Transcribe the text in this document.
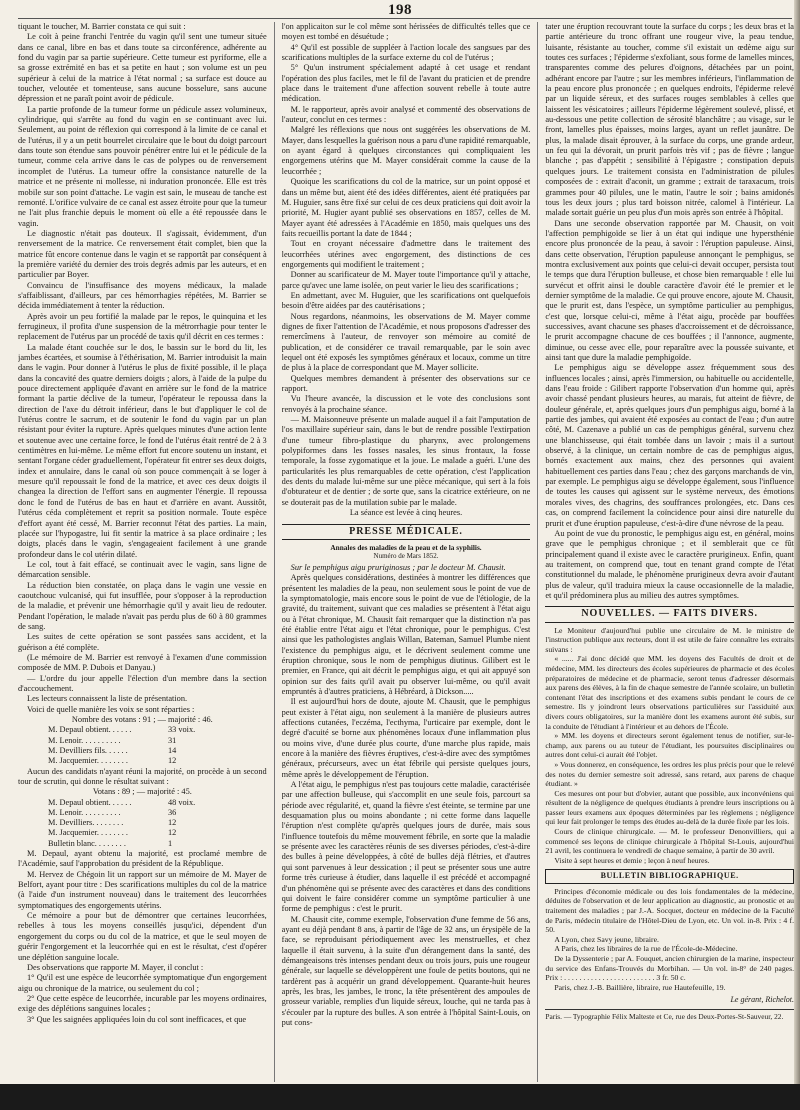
198

tiquant le toucher, M. Barrier constata ce qui suit :

Le coït à peine franchi l'entrée du vagin qu'il sent une tumeur située dans ce canal, libre en bas et dans toute sa circonférence, adhérente au fond du vagin par sa partie supérieure. Cette tumeur est pyriforme, elle a sa grosse extrémité en bas et sa petite en haut ; son volume est un peu supérieur à celui de la matrice à l'état normal ; sa surface est douce au toucher, veloutée et tomenteuse, sans aucune bosselure, sans aucune dépression et ne paraît point avoir de pédicule.

La partie profonde de la tumeur forme un pédicule assez volumineux, cylindrique, qui s'arrête au fond du vagin en se continuant avec lui. Seulement, au point de réflexion qui correspond à la limite de ce canal et de l'utérus, il y a un petit bourrelet circulaire que le bout du doigt parcourt dans toute son étendue sans pouvoir pénétrer entre lui et le pédicule de la tumeur, comme cela arrive dans le cas de polypes ou de renversement incomplet de l'utérus. La tumeur offre la consistance naturelle de la matrice et ne présente ni mollesse, ni induration prononcée. Elle est très mobile sur son point d'attache. Le vagin est sain, le museau de tanche est remonté. L'orifice vulvaire de ce canal est assez étroite pour que la tumeur ne l'ait plus franchie depuis le moment où elle a été repoussée dans le vagin.

Le diagnostic n'était pas douteux. Il s'agissait, évidemment, d'un renversement de la matrice. Ce renversement était complet, bien que la matrice fût encore contenue dans le vagin et se rapportât par conséquent à la première variété du dernier des trois degrés admis par les auteurs, et en particulier par Boyer.

Convaincu de l'insuffisance des moyens médicaux, la malade s'affaiblissant, d'ailleurs, par ces hémorrhagies répétées, M. Barrier se décida immédiatement à tenter la réduction.

Après avoir un peu fortifié la malade par le repos, le quinquina et les ferrugineux, il profita d'une suspension de la métrorrhagie pour tenter le replacement de l'utérus par un procédé de taxis qu'il décrit en ces termes :

La malade étant couchée sur le dos, le bassin sur le bord du lit, les jambes écartées, et soumise à l'éthérisation, M. Barrier introduisit la main dans le vagin. Pour donner à l'utérus le plus de fixité possible, il le plaça dans la concavité des quatre derniers doigts ; alors, à l'aide de la pulpe du pouce directement appliquée d'avant en arrière sur le fond de la matrice formant la partie déclive de la tumeur, l'opérateur le repoussa dans la direction de l'axe du détroit inférieur, dans le but d'appliquer le col de l'utérus contre le sacrum, et de soutenir le fond du vagin par un plan résistant pour éviter la rupture. Après quelques minutes d'une action lente et soutenue avec une certaine force, le fond de l'utérus était rentré de 2 à 3 centimètres en lui-même. Le même effort fut encore soutenu un instant, et sentant l'organe céder graduellement, l'opérateur fit entrer ses deux doigts, index et annulaire, dans le canal où son pouce commençait à se loger à mesure qu'il repoussait le fond de la matrice, et avec ces deux doigts il changea la direction de l'effort sans en augmenter l'énergie. Il repoussa donc le fond de l'utérus de bas en haut et d'arrière en avant. Aussitôt, l'utérus céda complètement et reprit sa position normale. Toute espèce d'effort ayant été cessé, M. Barrier reconnut l'état des parties. La main, placée sur l'hypogastre, lui fit sentir la matrice à sa place ordinaire ; les doigts, placés dans le vagin, s'engageaient facilement à une grande profondeur dans le col utérin dilaté.

Le col, tout à fait effacé, se continuait avec le vagin, sans ligne de démarcation sensible.

La réduction bien constatée, on plaça dans le vagin une vessie en caoutchouc vulcanisé, qui fut insufflée, pour s'opposer à la reproduction de la maladie, et prévenir une hémorrhagie qu'il y avait lieu de redouter. Pendant l'opération, le malade n'avait pas perdu plus de 60 à 80 grammes de sang.

Les suites de cette opération se sont passées sans accident, et la guérison a été complète.

(Le mémoire de M. Barrier est renvoyé à l'examen d'une commission composée de MM. P. Dubois et Danyau.)

— L'ordre du jour appelle l'élection d'un membre dans la section d'accouchement.

Les lecteurs connaissent la liste de présentation.

Voici de quelle manière les voix se sont réparties :

Nombre des votans : 91 ; — majorité : 46.

M. Depaul obtient. . . . . .	33 voix.
M. Lenoir. . . . . . . . . .	31
M. Devilliers fils. . . . . .	14
M. Jacquemier. . . . . . . .	12

Aucun des candidats n'ayant réuni la majorité, on procède à un second tour de scrutin, qui donne le résultat suivant :

Votans : 89 ; — majorité : 45.

M. Depaul obtient. . . . . .	48 voix.
M. Lenoir. . . . . . . . . .	36
M. Devilliers. . . . . . . .	12
M. Jacquemier. . . . . . . .	12
Bulletin blanc. . . . . . . .	1

M. Depaul, ayant obtenu la majorité, est proclamé membre de l'Académie, sauf l'approbation du président de la République.

M. Hervez de Chégoin lit un rapport sur un mémoire de M. Mayer de Belfort, ayant pour titre : Des scarifications multiples du col de la matrice (à l'aide d'un instrument nouveau) dans le traitement des leucorrhées symptomatiques des engorgements utérins.

Ce mémoire a pour but de démontrer que certaines leucorrhées, rebelles à tous les moyens conseillés jusqu'ici, dépendent d'un engorgement du corps ou du col de la matrice, et que le seul moyen de guérir l'engorgement et la leucorrhée qui en est le résultat, c'est d'opérer une déplétion sanguine locale.

Des observations que rapporte M. Mayer, il conclut :

1° Qu'il est une espèce de leucorrhée symptomatique d'un engorgement aigu ou chronique de la matrice, ou seulement du col ;

2° Que cette espèce de leucorrhée, incurable par les moyens ordinaires, exige des déplétions sanguines locales ;

3° Que les saignées appliquées loin du col sont inefficaces, et que

l'on applicaiton sur le col même sont hérissées de difficultés telles que ce moyen est tombé en désuétude ;

4° Qu'il est possible de suppléer à l'action locale des sangsues par des scarifications multiples de la surface externe du col de l'utérus ;

5° Qu'un instrument spécialement adapté à cet usage et rendant l'opération des plus faciles, met le fil de l'avant du praticien et de prendre place dans le traitement d'une affection souvent rebelle à toute autre médication.

M. le rapporteur, après avoir analysé et commenté des observations de l'auteur, conclut en ces termes :

Malgré les réflexions que nous ont suggérées les observations de M. Mayer, dans lesquelles la guérison nous a paru d'une rapidité remarquable, on ayant égard à quelques circonstances qui compliquaient les engorgemens utérins que M. Mayer considérait comme la cause de la leucorrhée ;

Quoique les scarifications du col de la matrice, sur un point opposé et dans un même but, aient été des idées différentes, aient été pratiquées par M. Huguier, sans être fixé sur celui de ces deux praticiens qui doit avoir la priorité, M. Hugier ayant publié ses observations en 1857, celles de M. Mayer ayant été adressées à l'Académie en 1850, mais quelques uns des faits recueillis portant la date de 1844 ;

Tout en croyant nécessaire d'admettre dans le traitement des leucorrhées utérines avec engorgement, des distinctions de ces engorgements qui modifient le traitement ;

Donner au scarificateur de M. Mayer toute l'importance qu'il y attache, parce qu'avec une lame isolée, on peut varier le lieu des scarifications ;

En admettant, avec M. Huguier, que les scarifications ont quelquefois besoin d'être aidées par des cautérisations ;

Nous regardons, néanmoins, les observations de M. Mayer comme dignes de fixer l'attention de l'Académie, et nous proposons d'adresser des remercîmens à l'auteur, de renvoyer son mémoire au comité de publication, et de considérer ce travail remarquable, par le soin avec lequel ont été exposés les symptômes généraux et locaux, comme un titre de plus à la place de correspondant que M. Mayer sollicite.

Quelques membres demandent à présenter des observations sur ce rapport.

Vu l'heure avancée, la discussion et le vote des conclusions sont renvoyés à la prochaine séance.

— M. Maisonneuve présente un malade auquel il a fait l'amputation de l'os maxillaire supérieur sain, dans le but de rendre possible l'extirpation d'une tumeur fibro-plastique du pharynx, avec prolongemens polypiformes dans les fosses nasales, les sinus frontaux, la fosse temporale, la fosse zygomatique et la joue. Le malade a guéri. L'une des particularités les plus remarquables de cette opération, c'est l'application des dents du malade lui-même sur une pièce mécanique, qui sert à la fois d'obturateur et de dentier ; de sorte que, sans la cicatrice extérieure, on ne se douterait pas de la mutilation subie par le malade.

La séance est levée à cinq heures.

PRESSE MÉDICALE.
Annales des maladies de la peau et de la syphilis.
Numéro de Mars 1852.

Sur le pemphigus aigu pruriginosus ; par le docteur M. Chausit.

Après quelques considérations, destinées à montrer les différences que présentent les maladies de la peau, non seulement sous le point de vue de la symptomatologie, mais encore sous le point de vue de l'étiologie, de la gravité, du traitement, suivant que ces maladies se présentent à l'état aigu ou à l'état chronique, M. Chausit fait remarquer que la distinction n'a pas été établie entre l'état aigu et l'état chronique, pour le pemphigus. C'est ainsi que les pathologistes anglais Willan, Bateman, Samuel Plumbe nient l'existence du pemphigus aigu, et le décrivent seulement comme une éruption chronique, sous le nom de pemphigus diutinus. Gilibert est le premier, en France, qui ait décrit le pemphigus aigu, et qui ait appuyé son opinion sur des faits qu'il avait pu observer lui-même, ou qu'il avait empruntés à d'autres praticiens, à Hébréard, à Dickson.....

Il est aujourd'hui hors de doute, ajoute M. Chausit, que le pemphigus peut exister à l'état aigu, non seulement à la manière de plusieurs autres affections cutanées, l'eczéma, l'ecthyma, l'urticaire par exemple, dont le degré d'acuité se borne aux phénomènes locaux d'une inflammation plus ou moins vive, d'une durée plus courte, d'une marche plus rapide, mais encore à la manière des fièvres éruptives, c'est-à-dire avec des symptômes généraux, précurseurs, avec un état fébrile qui persiste quelques jours, même après le développement de l'éruption.

A l'état aigu, le pemphigus n'est pas toujours cette maladie, caractérisée par une affection bulleuse, qui s'accomplit en une seule fois, parcourt sa période avec régularité, et, quand la fièvre s'est éteinte, se termine par une desquamation plus ou moins abondante ; ni cette forme dans laquelle l'éruption n'est complète qu'après quelques jours de durée, mais sous l'influence toutefois du même mouvement fébrile, en sorte que la maladie se présente avec les caractères réunis de ses diverses périodes, c'est-à-dire des bulles à peine développées, à côté de bulles déjà flétries, et d'autres qui sont parvenues à leur dessication ; il peut se présenter sous une autre forme très curieuse à étudier, dans laquelle il est précédé et accompagné d'un phénomène qui se présente avec des caractères et dans des conditions qui doivent le faire considérer comme un symptôme particulier à une forme de pemphigus : c'est le prurit.

M. Chausit cite, comme exemple, l'observation d'une femme de 56 ans, ayant eu déjà pendant 8 ans, à partir de l'âge de 32 ans, un érysipèle de la face, se reproduisant périodiquement avec les menstruelles, et chez laquelle il était survenu, à la suite d'un dérangement dans la santé, des démangeaisons très intenses pendant deux ou trois jours, puis une rougeur générale, sur laquelle se développèrent une foule de petits boutons, qui ne tardèrent pas à acquérir un grand développement. Quarante-huit heures après, les bras, les jambes, le tronc, la tête présentèrent des ampoules de grosseur variable, remplies d'un liquide séreux, louche, qui ne tarda pas à s'écouler par la rupture des bulles. A son entrée à l'hôpital Saint-Louis, on put cons-

tater une éruption recouvrant toute la surface du corps ; les deux bras et la partie antérieure du tronc offrant une rougeur vive, la peau tendue, luisante, résistante au toucher, comme s'il existait un œdème aigu sur toutes ces surfaces ; l'épiderme s'exfoliant, sous forme de lamelles minces, transparentes comme des pelures d'oignons, détachées par un point, adhérant encore par l'autre ; sur les membres inférieurs, l'inflammation de la peau encore plus prononcée ; en quelques endroits, l'épiderme relevé par un liquide séreux, et des surfaces rouges semblables à celles que laissent les vésicatoires ; ailleurs l'épiderme légèrement soulevé, plissé, et au-dessous une petite collection de sérosité blanchâtre ; au visage, sur le front, lamelles plus épaisses, moins larges, ayant un reflet jaunâtre. De plus, la malade disait éprouver, à la surface du corps, une grande ardeur, un feu qui la dévorait, un prurit parfois très vif ; pas de fièvre ; langue blanche ; pas d'appétit ; sensibilité à l'épigastre ; constipation depuis quelques jours. Le traitement consista en l'administration de pilules composées de : extrait d'aconit, un gramme ; extrait de taraxacum, trois grammes pour 40 pilules, une le matin, l'autre le soir ; bains amidonés tous les deux jours ; plus tard boisson nitrée, calomel à l'intérieur. La malade sortait guérie un peu plus d'un mois après son entrée à l'hôpital.

Dans une seconde observation rapportée par M. Chausit, on voit l'affection pemphigoïde se lier à un état qui indique une hypersthénie encore plus prononcée de la peau, à savoir : l'éruption papuleuse. Ainsi, dans cette observation, l'éruption papuleuse annonçant le pemphigus, se montra exclusivement aux points que celui-ci devait occuper, persista tout le temps que dura l'éruption bulleuse, et chose bien remarquable ! elle lui survécut et offrit ainsi le double caractère d'avoir été le premier et le dernier symptôme de la maladie. Ce qui prouve encore, ajoute M. Chausit, que le prurit est, dans l'espèce, un symptôme particulier au pemphigus, c'est que, lorsque celui-ci, même à l'état aigu, procède par bouffées successives, avant chacune ses phases d'accroissement et de décroissance, le prurit accompagne chacune de ces bouffées ; il l'annonce, augmente, diminue, ou cesse avec elle, pour reparaître avec la poussée suivante, et ainsi tant que dure la maladie pemphigoïde.

Le pemphigus aigu se développe assez fréquemment sous des influences locales ; ainsi, après l'immersion, ou habituelle ou accidentelle, dans l'eau froide : Gilibert rapporte l'observation d'un homme qui, après avoir chassé pendant plusieurs heures, au marais, fut atteint de fièvre, de douleur générale, et, après quelques jours d'un pemphigus aigu, borné à la partie des jambes, qui avaient été exposées au contact de l'eau ; d'un autre côté, M. Cazenave a publié un cas de pemphigus général, survenu chez une blanchisseuse, qui était tombée dans un lavoir ; mais il a surtout observé, à la clinique, un certain nombre de cas de pemphigus aigus, bornés exactement aux mains, chez des personnes qui avaient habituellement ces parties dans l'eau ; chez des garçons marchands de vin, par exemple. Le pemphigus aigu se développe également, sous l'influence de toutes les causes qui agissent sur le système nerveux, des émotions morales vives, des chagrins, des souffrances prolongées, etc. Dans ces cas, on comprend facilement la coïncidence pour ainsi dire naturelle du prurit et d'une éruption papuleuse, c'est-à-dire d'une névrose de la peau.

Au point de vue du pronostic, le pemphigus aigu est, en général, moins grave que le pemphigus chronique ; et il semblerait que ce fût principalement quand il existe avec le caractère prurigineux. Enfin, quant au traitement, on comprend que, tout en tenant grand compte de l'état constitutionnel du malade, le phénomène prurigineux devra avoir d'autant plus de valeur, qu'il traduira mieux la cause occasionnelle de la maladie, et qu'il prédominera plus au milieu des autres symptômes.

NOUVELLES. — FAITS DIVERS.

Le Moniteur d'aujourd'hui publie une circulaire de M. le ministre de l'instruction publique aux recteurs, dont il est utile de faire connaître les extraits suivans :

« ...... J'ai donc décidé que MM. les doyens des Facultés de droit et de médecine, MM. les directeurs des écoles supérieures de pharmacie et des écoles préparatoires de médecine et de pharmacie, seront tenus d'adresser désormais aux parens des élèves, à la fin de chaque semestre de l'année scolaire, un bulletin contenant l'état des inscriptions et des examens subis pendant le cours de ce semestre. Ils y joindront leurs observations particulières sur l'assiduité aux divers cours obligatoires, sur la manière dont les examens auront été subis, sur la conduite de l'étudiant à l'intérieur et au dehors de l'École.

» MM. les doyens et directeurs seront également tenus de notifier, sur-le-champ, aux parens ou au tuteur de l'étudiant, les poursuites disciplinaires ou autres dont celui-ci aurait été l'objet.

» Vous donnerez, en conséquence, les ordres les plus précis pour que le relevé des notes du dernier semestre soit adressé, sans retard, aux parens de chaque étudiant. »

Ces mesures ont pour but d'obvier, autant que possible, aux inconvéniens qui résultent de la négligence de quelques étudiants à prendre leurs inscriptions ou à passer leurs examens aux époques déterminées par les règlemens ; négligence qui leur fait prolonger le temps des études au-delà de la durée fixée par les lois.

Cours de clinique chirurgicale. — M. le professeur Denonvilliers, qui a commencé ses leçons de clinique chirurgicale à l'hôpital St-Louis, aujourd'hui 21 avril, les continuera le vendredi de chaque semaine, à partir de 30 avril.

Visite à sept heures et demie ; leçon à neuf heures.

BULLETIN BIBLIOGRAPHIQUE.

Principes d'économie médicale ou des lois fondamentales de la médecine, déduites de l'observation et de leur application au diagnostic, au pronostic et au traitement des maladies ; par J.-A. Socquet, docteur en médecine de la Faculté de Paris, médecin titulaire de l'Hôtel-Dieu de Lyon, etc. Un vol. in-8. Prix : 4 f. 50.

A Lyon, chez Savy jeune, libraire.

A Paris, chez les libraires de la rue de l'École-de-Médecine.

De la Dyssenterie ; par A. Fouquet, ancien chirurgien de la marine, inspecteur du service des Enfans-Trouvés du Morbihan. — Un vol. in-8° de 240 pages. Prix : . . . . . . . . . . . . . . . . . . . . . . . . 3 fr. 50 c.

Paris, chez J.-B. Baillière, libraire, rue Hautefeuille, 19.

Le gérant, Richelot.
Paris. — Typographie Félix Malteste et Ce, rue des Deux-Portes-St-Sauveur, 22.
